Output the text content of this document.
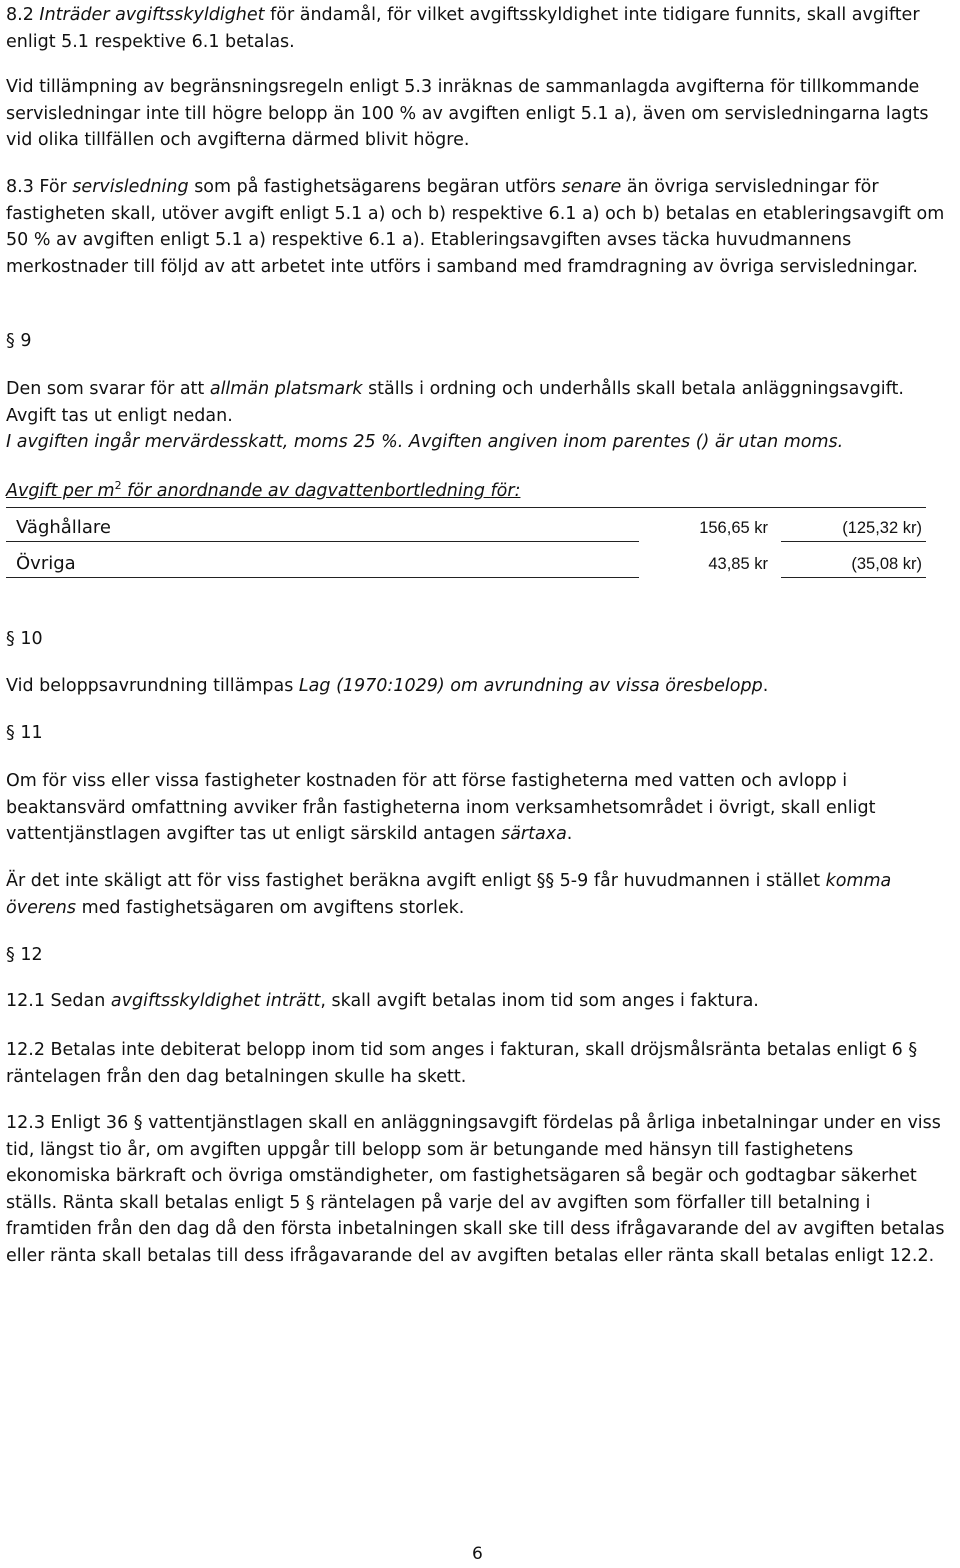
8.2 Inträder avgiftsskyldighet för ändamål, för vilket avgiftsskyldighet inte tidigare funnits, skall avgifter enligt 5.1 respektive 6.1 betalas.

Vid tillämpning av begränsningsregeln enligt 5.3 inräknas de sammanlagda avgifterna för tillkommande servisledningar inte till högre belopp än 100 % av avgiften enligt 5.1 a), även om servisledningarna lagts vid olika tillfällen och avgifterna därmed blivit högre.

8.3 För servisledning som på fastighetsägarens begäran utförs senare än övriga servisledningar för fastigheten skall, utöver avgift enligt 5.1 a) och b) respektive 6.1 a) och b) betalas en etableringsavgift om 50 % av avgiften enligt 5.1 a) respektive 6.1 a). Etableringsavgiften avses täcka huvudmannens merkostnader till följd av att arbetet inte utförs i samband med framdragning av övriga servisledningar.

§ 9

Den som svarar för att allmän platsmark ställs i ordning och underhålls skall betala anläggningsavgift. Avgift tas ut enligt nedan.
I avgiften ingår mervärdesskatt, moms 25 %. Avgiften angiven inom parentes () är utan moms.

Avgift per $m^2$ för anordnande av dagvattenbortledning för:

Väghållare	156,65 kr	(125,32 kr)
Övriga	43,85 kr	(35,08 kr)

§ 10

Vid beloppsavrundning tillämpas Lag (1970:1029) om avrundning av vissa öresbelopp.

§ 11

Om för viss eller vissa fastigheter kostnaden för att förse fastigheterna med vatten och avlopp i beaktansvärd omfattning avviker från fastigheterna inom verksamhetsområdet i övrigt, skall enligt vattentjänstlagen avgifter tas ut enligt särskild antagen särtaxa.

Är det inte skäligt att för viss fastighet beräkna avgift enligt §§ 5-9 får huvudmannen i stället komma överens med fastighetsägaren om avgiftens storlek.

§ 12

12.1 Sedan avgiftsskyldighet inträtt, skall avgift betalas inom tid som anges i faktura.

12.2 Betalas inte debiterat belopp inom tid som anges i fakturan, skall dröjsmålsränta betalas enligt 6 § räntelagen från den dag betalningen skulle ha skett.

12.3 Enligt 36 § vattentjänstlagen skall en anläggningsavgift fördelas på årliga inbetalningar under en viss tid, längst tio år, om avgiften uppgår till belopp som är betungande med hänsyn till fastighetens ekonomiska bärkraft och övriga omständigheter, om fastighetsägaren så begär och godtagbar säkerhet ställs. Ränta skall betalas enligt 5 § räntelagen på varje del av avgiften som förfaller till betalning i framtiden från den dag då den första inbetalningen skall ske till dess ifrågavarande del av avgiften betalas eller ränta skall betalas till dess ifrågavarande del av avgiften betalas eller ränta skall betalas enligt 12.2.

6
